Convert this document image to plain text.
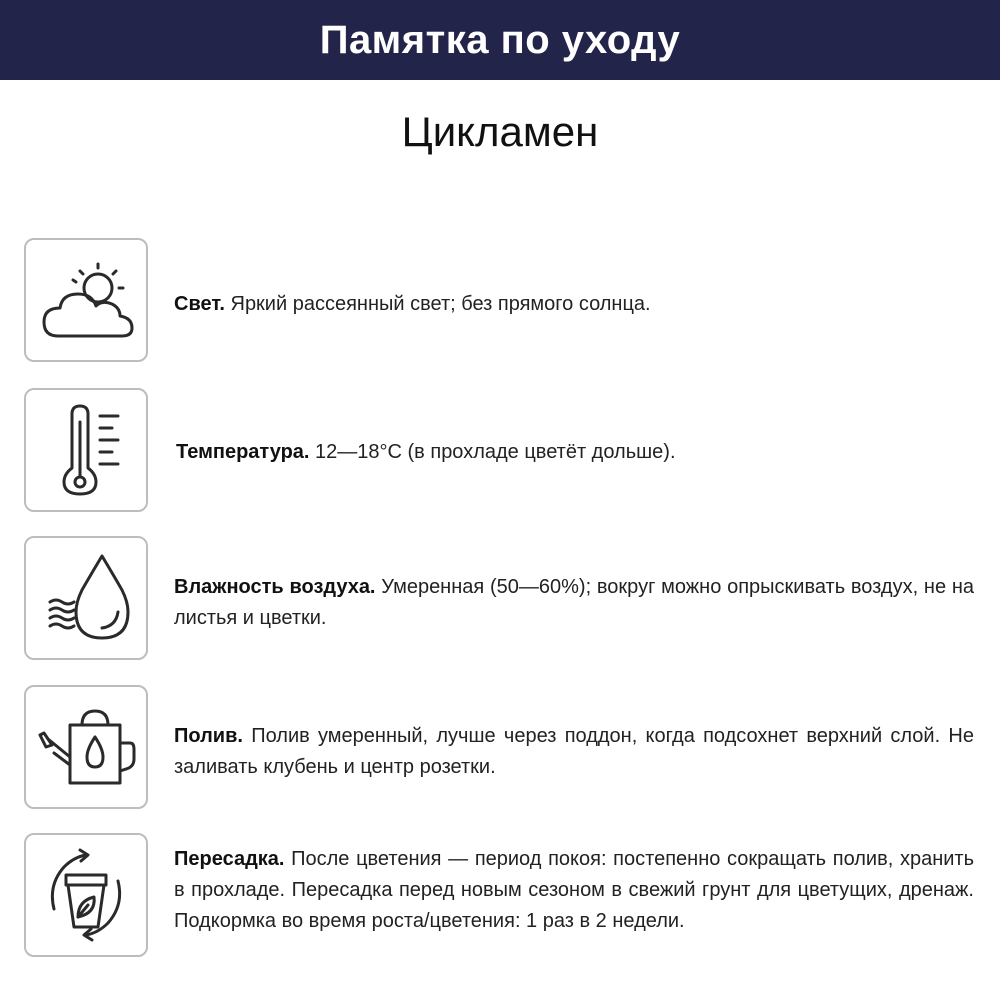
Памятка по уходу
Цикламен
Свет. Яркий рассеянный свет; без прямого солнца.
Температура. 12—18°C (в прохладе цветёт дольше).
Влажность воздуха. Умеренная (50—60%); вокруг можно опрыскивать воздух, не на листья и цветки.
Полив. Полив умеренный, лучше через поддон, когда подсохнет верхний слой. Не заливать клубень и центр розетки.
Пересадка. После цветения — период покоя: постепенно сокращать полив, хранить в прохладе. Пересадка перед новым сезоном в свежий грунт для цветущих, дренаж. Подкормка во время роста/цветения: 1 раз в 2 недели.
